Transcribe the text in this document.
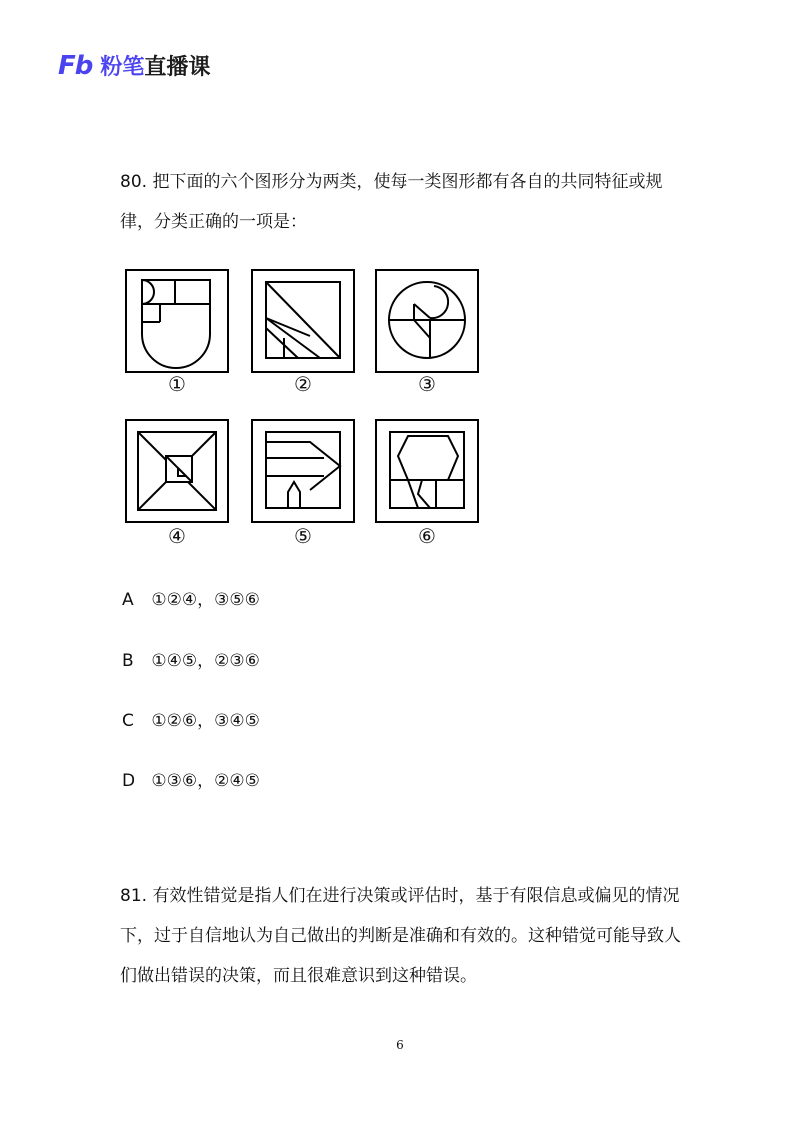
Fb 粉笔 直播课
80. 把下面的六个图形分为两类，使每一类图形都有各自的共同特征或规律，分类正确的一项是：
①	②	③
④	⑤	⑥
A ①②④，③⑤⑥
B ①④⑤，②③⑥
C ①②⑥，③④⑤
D ①③⑥，②④⑤
81. 有效性错觉是指人们在进行决策或评估时，基于有限信息或偏见的情况下，过于自信地认为自己做出的判断是准确和有效的。这种错觉可能导致人们做出错误的决策，而且很难意识到这种错误。
6
